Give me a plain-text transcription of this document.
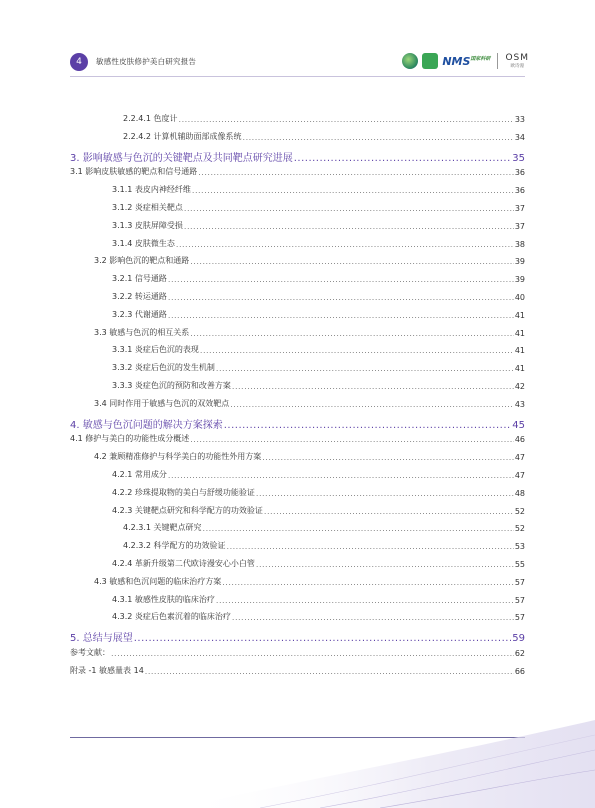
4	敏感性皮肤修护美白研究报告	$NMS^{国家科研}$ OSM
欧诗漫
2.2.4.1 色度计 .....	33
2.2.4.2 计算机辅助面部成像系统 .....	34
3. 影响敏感与色沉的关键靶点及共同靶点研究进展 .....	35
3.1 影响皮肤敏感的靶点和信号通路 .....	36
3.1.1 表皮内神经纤维 .....	36
3.1.2 炎症相关靶点 .....	37
3.1.3 皮肤屏障受损 .....	37
3.1.4 皮肤微生态 .....	38
3.2 影响色沉的靶点和通路 .....	39
3.2.1 信号通路 .....	39
3.2.2 转运通路 .....	40
3.2.3 代谢通路 .....	41
3.3 敏感与色沉的相互关系 .....	41
3.3.1 炎症后色沉的表现 .....	41
3.3.2 炎症后色沉的发生机制 .....	41
3.3.3 炎症色沉的预防和改善方案 .....	42
3.4 同时作用于敏感与色沉的双效靶点 .....	43
4. 敏感与色沉问题的解决方案探索 .....	45
4.1 修护与美白的功能性成分概述 .....	46
4.2 兼顾精准修护与科学美白的功能性外用方案 .....	47
4.2.1 常用成分 .....	47
4.2.2 珍珠提取物的美白与舒缓功能验证 .....	48
4.2.3 关键靶点研究和科学配方的功效验证 .....	52
4.2.3.1 关键靶点研究 .....	52
4.2.3.2 科学配方的功效验证 .....	53
4.2.4 革新升级第二代欧诗漫安心小白管 .....	55
4.3 敏感和色沉问题的临床治疗方案 .....	57
4.3.1 敏感性皮肤的临床治疗 .....	57
4.3.2 炎症后色素沉着的临床治疗 .....	57
5. 总结与展望 .....	59
参考文献： .....	62
附录 -1 敏感量表 14 .....	66
